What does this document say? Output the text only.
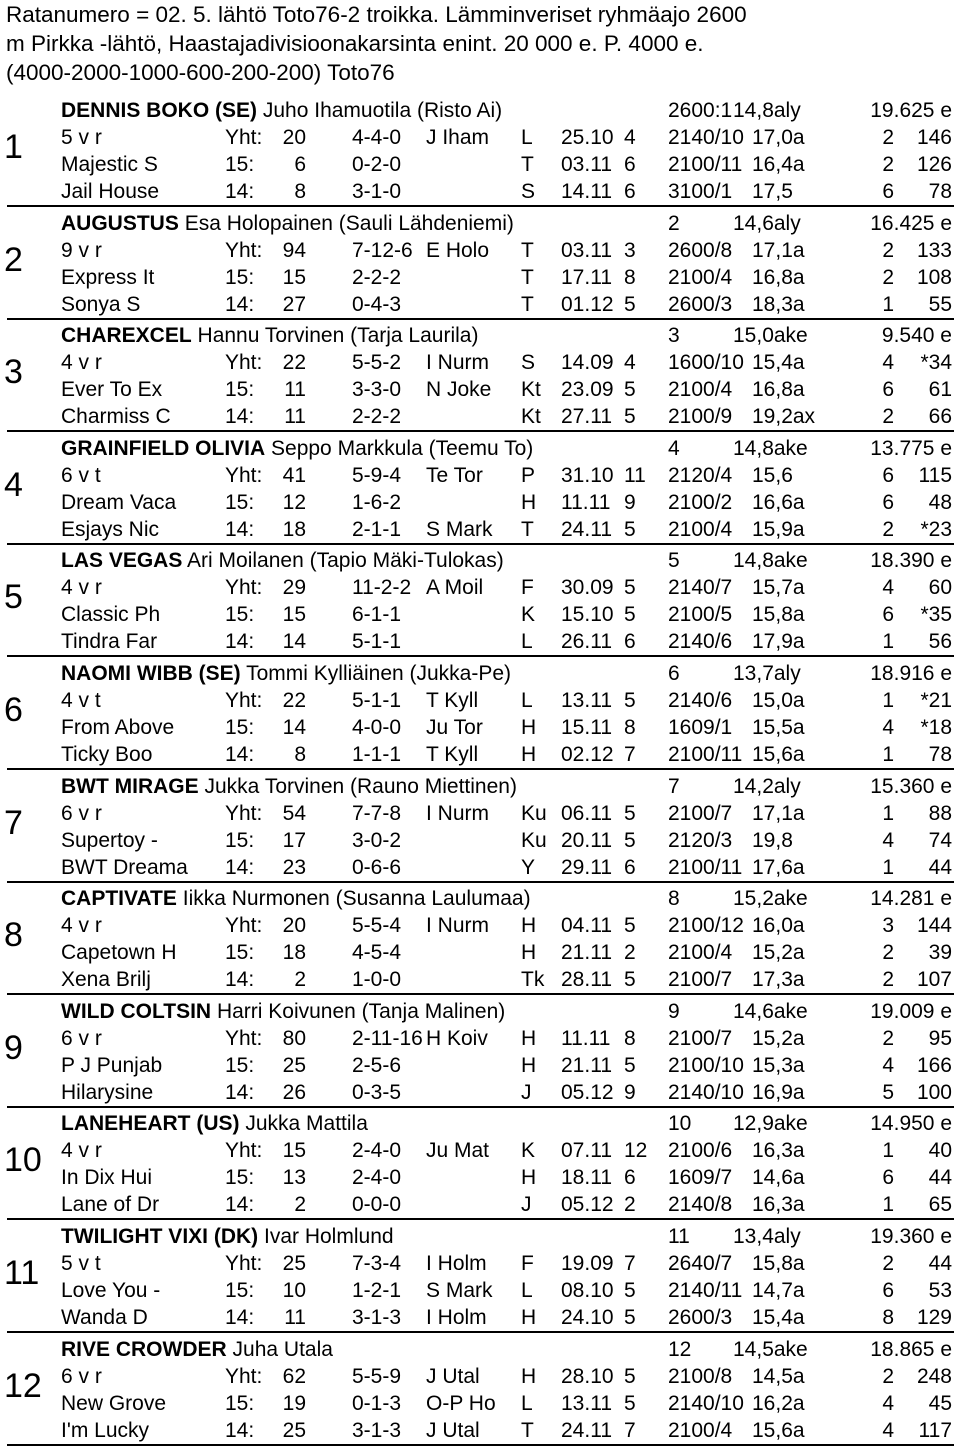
Ratanumero = 02. 5. lähtö Toto76-2 troikka. Lämminveriset ryhmäajo 2600
m Pirkka -lähtö, Haastajadivisioonakarsinta enint. 20 000 e. P. 4000 e.
(4000-2000-1000-600-200-200) Toto76
1
DENNIS BOKO (SE) Juho Ihamuotila (Risto Ai)	2600:1 14,8aly	19.625 e
5 v r	Yht: 20 4-4-0 J Iham L 25.10 4	2140/10 17,0a	2 146
Majestic S	15:	6 0-2-0	T 03.11 6	2100/11 16,4a	2 126
Jail House	14:	8 3-1-0	S 14.11 6	3100/1 17,5	6 78
2
AUGUSTUS Esa Holopainen (Sauli Lähdeniemi)	2	14,6aly	16.425 e
9 v r	Yht: 94 7-12-6 E Holo T 03.11 3	2600/8 17,1a	2 133
Express It	15:	15 2-2-2	T 17.11 8	2100/4 16,8a	2 108
Sonya S	14:	27 0-4-3	T 01.12 5	2600/3 18,3a	1 55
3
CHAREXCEL Hannu Torvinen (Tarja Laurila)	3	15,0ake	9.540 e
4 v r	Yht: 22 5-5-2 I Nurm S 14.09 4	1600/10 15,4a	4 *34
Ever To Ex	15:	11 3-3-0 N Joke Kt 23.09 5	2100/4 16,8a	6 61
Charmiss C	14:	11 2-2-2	Kt 27.11 5	2100/9 19,2ax	2 66
4
GRAINFIELD OLIVIA Seppo Markkula (Teemu To)	4	14,8ake	13.775 e
6 v t	Yht: 41 5-9-4 Te Tor P 31.10 11 2120/4 15,6	6 115
Dream Vaca 15:	12 1-6-2	H 11.11 9	2100/2 16,6a	6 48
Esjays Nic	14:	18 2-1-1 S Mark T 24.11 5	2100/4 15,9a	2 *23
5
LAS VEGAS Ari Moilanen (Tapio Mäki-Tulokas)	5	14,8ake	18.390 e
4 v r	Yht: 29 11-2-2 A Moil F 30.09 5	2140/7 15,7a	4 60
Classic Ph	15:	15 6-1-1	K 15.10 5	2100/5 15,8a	6 *35
Tindra Far	14:	14 5-1-1	L 26.11 6	2140/6 17,9a	1 56
6
NAOMI WIBB (SE) Tommi Kylliäinen (Jukka-Pe)	6	13,7aly	18.916 e
4 v t	Yht: 22 5-1-1 T Kyll L 13.11 5	2140/6 15,0a	1 *21
From Above 15:	14 4-0-0 Ju Tor H 15.11 8	1609/1 15,5a	4 *18
Ticky Boo	14:	8 1-1-1 T Kyll H 02.12 7	2100/11 15,6a	1 78
7
BWT MIRAGE Jukka Torvinen (Rauno Miettinen)	7	14,2aly	15.360 e
6 v r	Yht: 54 7-7-8 I Nurm Ku 06.11 5	2100/7 17,1a	1 88
Supertoy -	15:	17 3-0-2	Ku 20.11 5	2120/3 19,8	4 74
BWT Dreama 14:	23 0-6-6	Y 29.11 6	2100/11 17,6a	1 44
8
CAPTIVATE Iikka Nurmonen (Susanna Laulumaa)	8	15,2ake	14.281 e
4 v r	Yht: 20 5-5-4 I Nurm H 04.11 5	2100/12 16,0a	3 144
Capetown H 15:	18 4-5-4	H 21.11 2	2100/4 15,2a	2 39
Xena Brilj	14:	2 1-0-0	Tk 28.11 5	2100/7 17,3a	2 107
9
WILD COLTSIN Harri Koivunen (Tanja Malinen)	9	14,6ake	19.009 e
6 v r	Yht: 80 2-11-16 H Koiv H 11.11 8	2100/7 15,2a	2 95
P J Punjab	15:	25 2-5-6	H 21.11 5	2100/10 15,3a	4 166
Hilarysine	14:	26 0-3-5	J 05.12 9	2140/10 16,9a	5 100
10
LANEHEART (US) Jukka Mattila	10 12,9ake	14.950 e
4 v r	Yht: 15 2-4-0 Ju Mat K 07.11 12 2100/6 16,3a	1 40
In Dix Hui	15:	13 2-4-0	H 18.11 6	1609/7 14,6a	6 44
Lane of Dr	14:	2 0-0-0	J 05.12 2	2140/8 16,3a	1 65
11
TWILIGHT VIXI (DK) Ivar Holmlund	11 13,4aly	19.360 e
5 v t	Yht: 25 7-3-4 I Holm F 19.09 7	2640/7 15,8a	2 44
Love You -	15:	10 1-2-1 S Mark L 08.10 5	2140/11 14,7a	6 53
Wanda D	14:	11 3-1-3 I Holm H 24.10 5	2600/3 15,4a	8 129
12
RIVE CROWDER Juha Utala	12 14,5ake	18.865 e
6 v r	Yht: 62 5-5-9 J Utal H 28.10 5	2100/8 14,5a	2 248
New Grove	15:	19 0-1-3 O-P Ho L 13.11 5	2140/10 16,2a	4 45
I'm Lucky	14:	25 3-1-3 J Utal T 24.11 7	2100/4 15,6a	4 117
